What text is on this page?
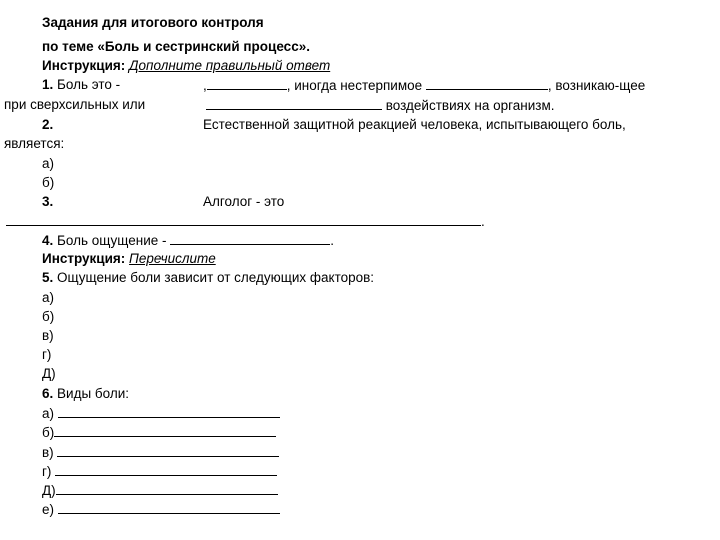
Задания для итогового контроля
по теме «Боль и сестринский процесс».
Инструкция: Дополните правильный ответ
1. Боль это -	,	, иногда нестерпимое	, возникаю-щее
при сверхсильных или	воздействиях на организм.
2.	Естественной защитной реакцией человека, испытывающего боль,
является:
а)
б)
3.	Алголог - это
.
4. Боль ощущение -	.
Инструкция: Перечислите
5. Ощущение боли зависит от следующих факторов:
а)
б)
в)
г)
Д)
6. Виды боли:
а)
б)
в)
г)
Д)
е)
